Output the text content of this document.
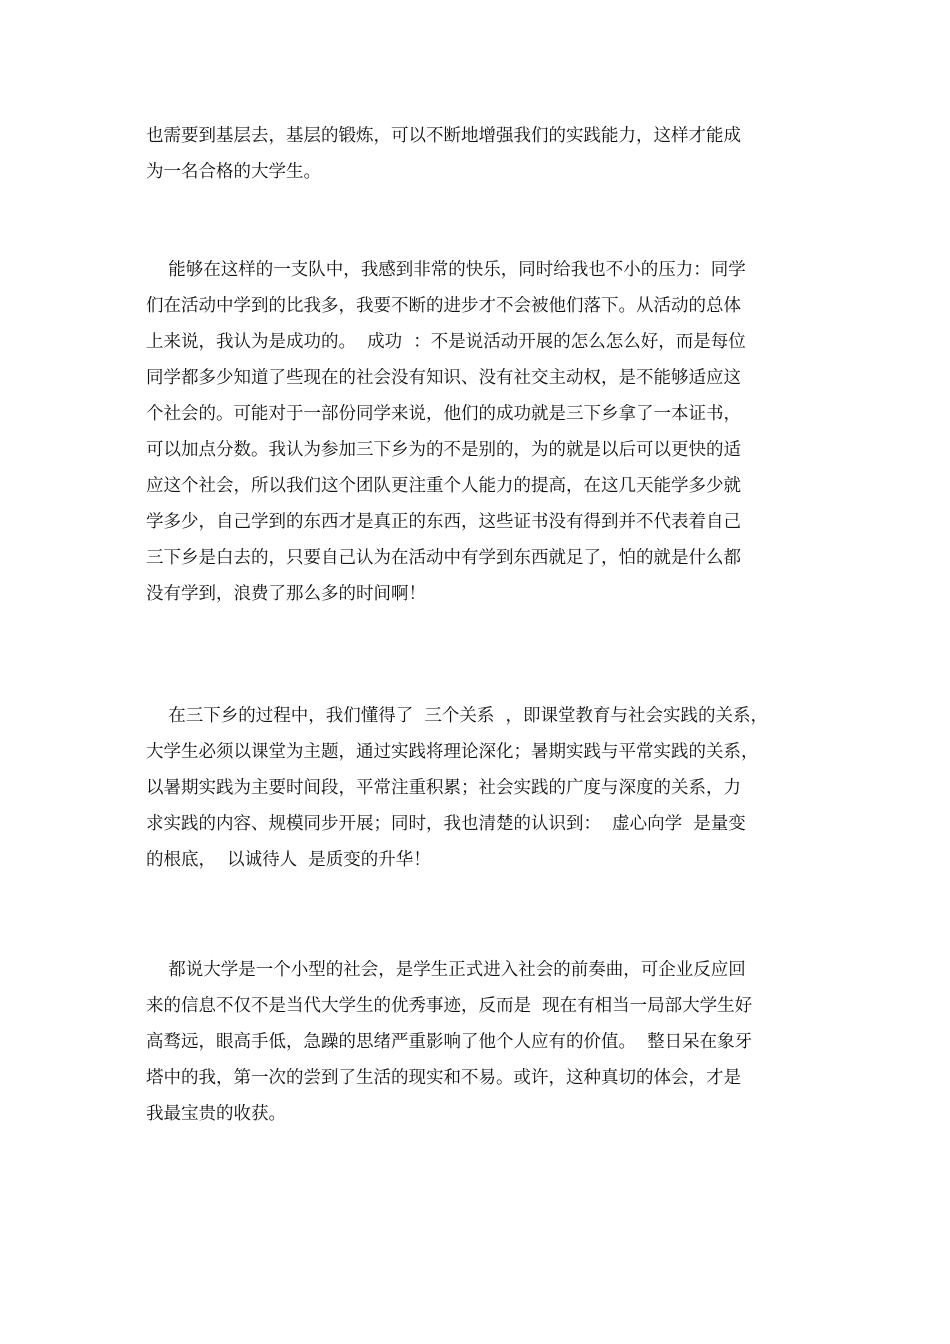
也需要到基层去，基层的锻炼，可以不断地增强我们的实践能力，这样才能成
为一名合格的大学生。
能够在这样的一支队中，我感到非常的快乐，同时给我也不小的压力：同学
们在活动中学到的比我多，我要不断的进步才不会被他们落下。从活动的总体
上来说，我认为是成功的。  成功  ：不是说活动开展的怎么怎么好，而是每位
同学都多少知道了些现在的社会没有知识、没有社交主动权，是不能够适应这
个社会的。可能对于一部份同学来说，他们的成功就是三下乡拿了一本证书，
可以加点分数。我认为参加三下乡为的不是别的，为的就是以后可以更快的适
应这个社会，所以我们这个团队更注重个人能力的提高，在这几天能学多少就
学多少，自己学到的东西才是真正的东西，这些证书没有得到并不代表着自己
三下乡是白去的，只要自己认为在活动中有学到东西就足了，怕的就是什么都
没有学到，浪费了那么多的时间啊！
在三下乡的过程中，我们懂得了  三个关系  ，即课堂教育与社会实践的关系，
大学生必须以课堂为主题，通过实践将理论深化；暑期实践与平常实践的关系，
以暑期实践为主要时间段，平常注重积累；社会实践的广度与深度的关系，力
求实践的内容、规模同步开展；同时，我也清楚的认识到：  虚心向学  是量变
的根底，  以诚待人  是质变的升华！
都说大学是一个小型的社会，是学生正式进入社会的前奏曲，可企业反应回
来的信息不仅不是当代大学生的优秀事迹，反而是  现在有相当一局部大学生好
高骛远，眼高手低，急躁的思绪严重影响了他个人应有的价值。  整日呆在象牙
塔中的我，第一次的尝到了生活的现实和不易。或许，这种真切的体会，才是
我最宝贵的收获。
